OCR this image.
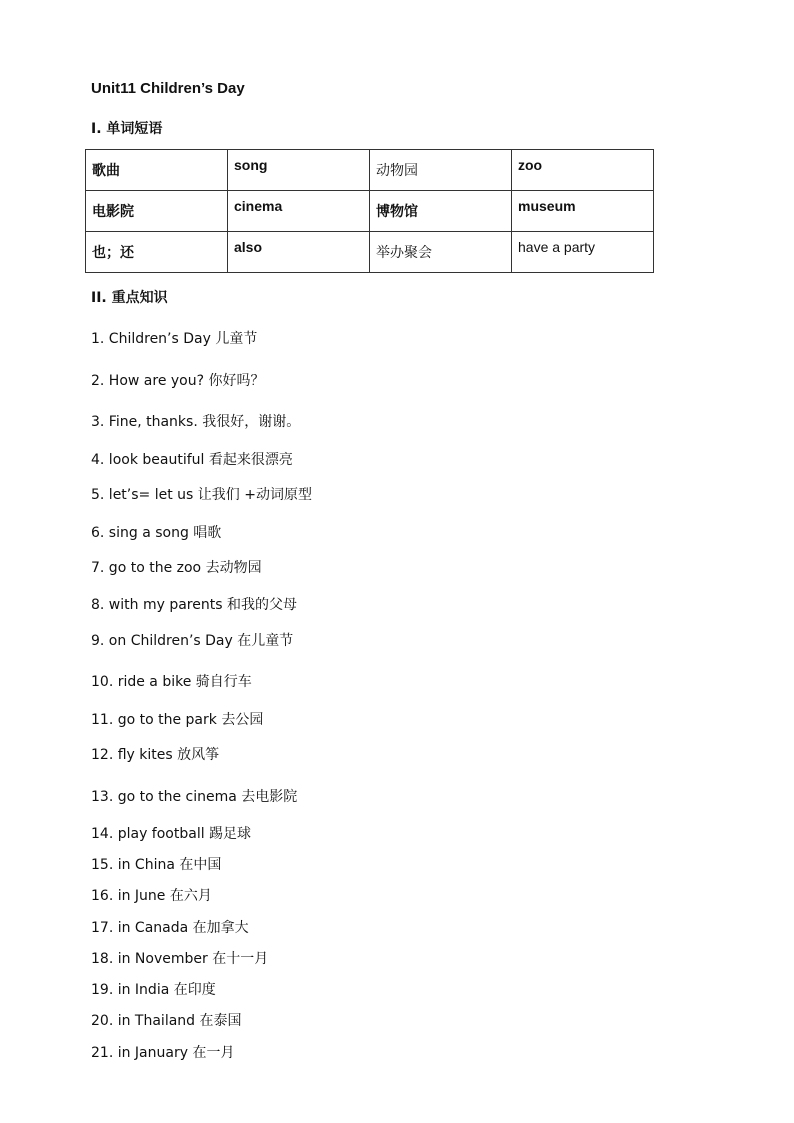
Unit11 Children’s Day
I. 单词短语
歌曲	song	动物园	zoo
电影院	cinema	博物馆	museum
也；还	also	举办聚会	have a party
II. 重点知识
1. Children’s Day 儿童节
2. How are you? 你好吗？
3. Fine, thanks. 我很好，谢谢。
4. look beautiful 看起来很漂亮
5. let’s= let us 让我们 +动词原型
6. sing a song 唱歌
7. go to the zoo 去动物园
8. with my parents 和我的父母
9. on Children’s Day 在儿童节
10. ride a bike 骑自行车
11. go to the park 去公园
12. fly kites 放风筝
13. go to the cinema 去电影院
14. play football 踢足球
15. in China 在中国
16. in June 在六月
17. in Canada 在加拿大
18. in November 在十一月
19. in India 在印度
20. in Thailand 在泰国
21. in January 在一月
